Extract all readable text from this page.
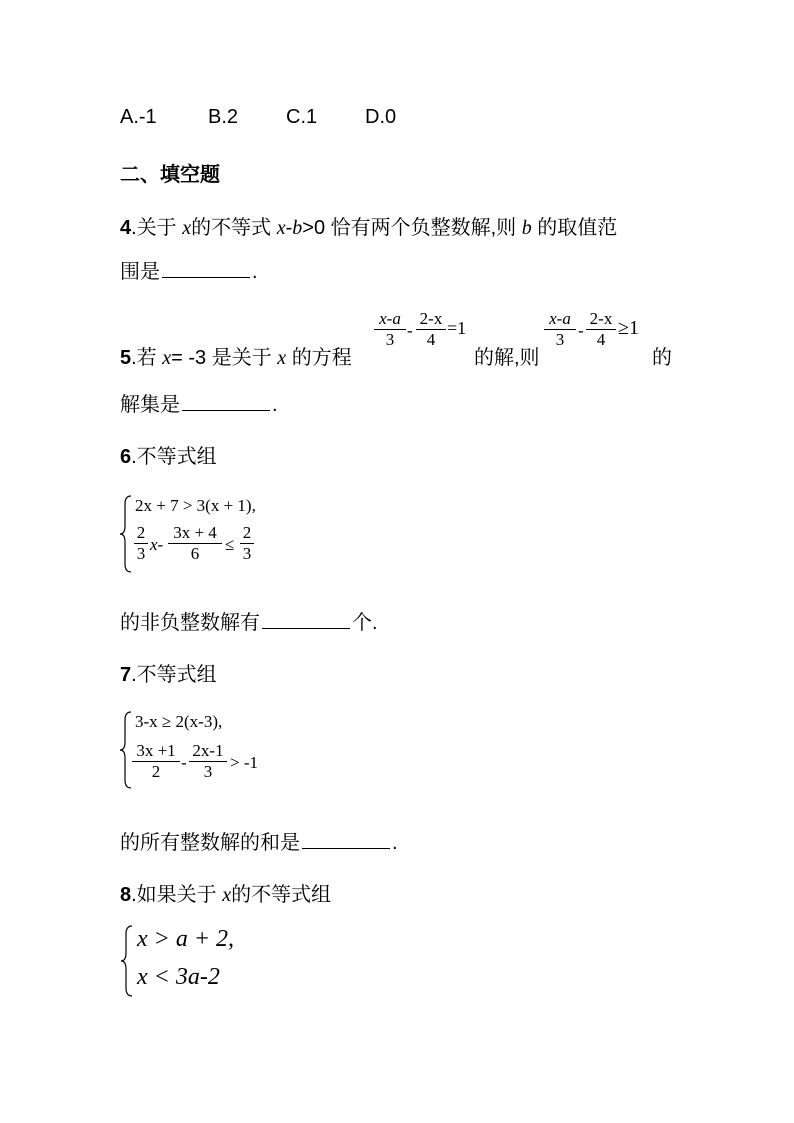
A.-1	B.2 C.1 D.0
二、填空题
4.关于 x的不等式 x-b>0 恰有两个负整数解,则 b 的取值范
围是	.
5.若 x= -3 是关于 x 的方程
x-a
3 -
2-x
4
=1
的解,则
x-a
3 -
2-x
4
≥1
的
解集是	.
6.不等式组
2x + 7 > 3(x + 1),
2
3 x-
3x + 4
6	≤
2
3
的非负整数解有	个.
7.不等式组
3-x ≥ 2(x-3),
3x +1
2	-
2x-1
3	> -1
的所有整数解的和是	.
8.如果关于 x的不等式组
x > a + 2,
x < 3a-2
